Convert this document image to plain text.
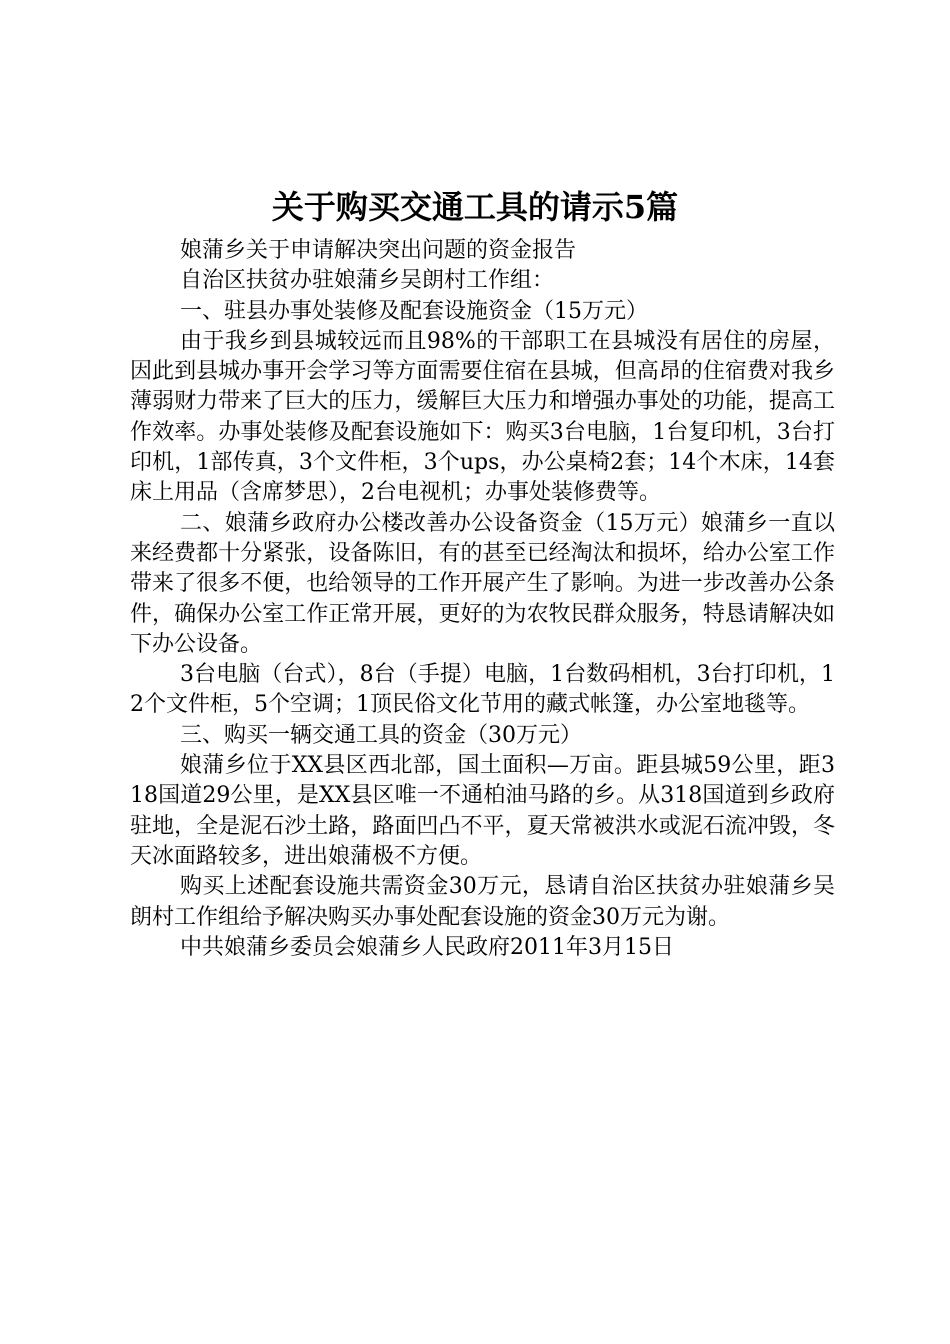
关于购买交通工具的请示5篇

娘蒲乡关于申请解决突出问题的资金报告

自治区扶贫办驻娘蒲乡吴朗村工作组：

一、驻县办事处装修及配套设施资金（15万元）

由于我乡到县城较远而且98%的干部职工在县城没有居住的房屋，因此到县城办事开会学习等方面需要住宿在县城，但高昂的住宿费对我乡薄弱财力带来了巨大的压力，缓解巨大压力和增强办事处的功能，提高工作效率。办事处装修及配套设施如下：购买3台电脑，1台复印机，3台打印机，1部传真，3个文件柜，3个ups，办公桌椅2套；14个木床，14套床上用品（含席梦思），2台电视机；办事处装修费等。

二、娘蒲乡政府办公楼改善办公设备资金（15万元）娘蒲乡一直以来经费都十分紧张，设备陈旧，有的甚至已经淘汰和损坏，给办公室工作带来了很多不便，也给领导的工作开展产生了影响。为进一步改善办公条件，确保办公室工作正常开展，更好的为农牧民群众服务，特恳请解决如下办公设备。

3台电脑（台式），8台（手提）电脑，1台数码相机，3台打印机，12个文件柜，5个空调；1顶民俗文化节用的藏式帐篷，办公室地毯等。

三、购买一辆交通工具的资金（30万元）

娘蒲乡位于XX县区西北部，国土面积—万亩。距县城59公里，距318国道29公里，是XX县区唯一不通柏油马路的乡。从318国道到乡政府驻地，全是泥石沙土路，路面凹凸不平，夏天常被洪水或泥石流冲毁，冬天冰面路较多，进出娘蒲极不方便。

购买上述配套设施共需资金30万元，恳请自治区扶贫办驻娘蒲乡吴朗村工作组给予解决购买办事处配套设施的资金30万元为谢。

中共娘蒲乡委员会娘蒲乡人民政府2011年3月15日
